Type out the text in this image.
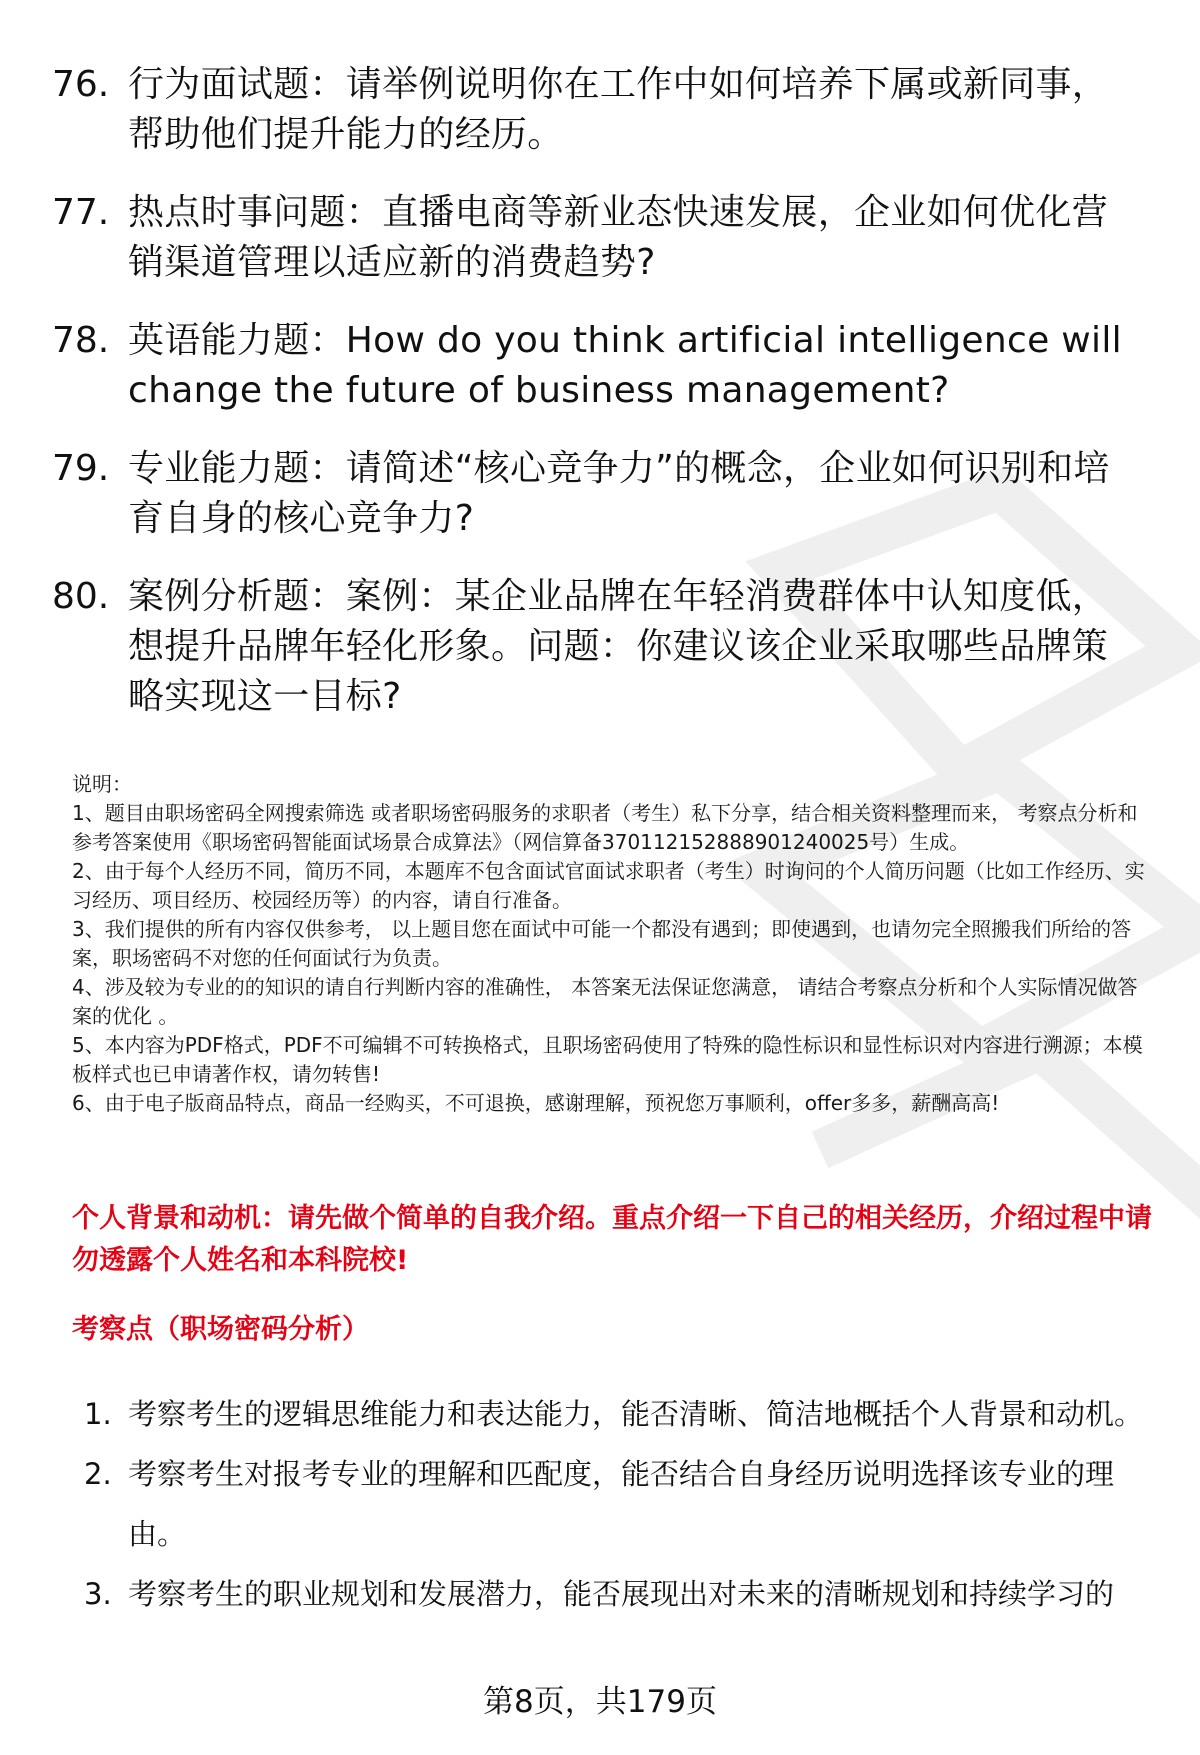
76. 行为面试题：请举例说明你在工作中如何培养下属或新同事，帮助他们提升能力的经历。
77. 热点时事问题：直播电商等新业态快速发展，企业如何优化营销渠道管理以适应新的消费趋势?
78. 英语能力题：How do you think artificial intelligence will change the future of business management?
79. 专业能力题：请简述“核心竞争力”的概念，企业如何识别和培育自身的核心竞争力?
80. 案例分析题：案例：某企业品牌在年轻消费群体中认知度低，想提升品牌年轻化形象。问题：你建议该企业采取哪些品牌策略实现这一目标?

说明：

1、题目由职场密码全网搜索筛选 或者职场密码服务的求职者（考生）私下分享，结合相关资料整理而来， 考察点分析和参考答案使用《职场密码智能面试场景合成算法》（网信算备370112152888901240025号）生成。

2、由于每个人经历不同，简历不同，本题库不包含面试官面试求职者（考生）时询问的个人简历问题（比如工作经历、实习经历、项目经历、校园经历等）的内容，请自行准备。

3、我们提供的所有内容仅供参考， 以上题目您在面试中可能一个都没有遇到；即使遇到，也请勿完全照搬我们所给的答案，职场密码不对您的任何面试行为负责。

4、涉及较为专业的的知识的请自行判断内容的准确性， 本答案无法保证您满意， 请结合考察点分析和个人实际情况做答案的优化 。

5、本内容为PDF格式，PDF不可编辑不可转换格式，且职场密码使用了特殊的隐性标识和显性标识对内容进行溯源；本模板样式也已申请著作权，请勿转售!

6、由于电子版商品特点，商品一经购买，不可退换，感谢理解，预祝您万事顺利，offer多多，薪酬高高!

个人背景和动机：请先做个简单的自我介绍。重点介绍一下自己的相关经历，介绍过程中请勿透露个人姓名和本科院校!
考察点（职场密码分析）
1. 考察考生的逻辑思维能力和表达能力，能否清晰、简洁地概括个人背景和动机。
2. 考察考生对报考专业的理解和匹配度，能否结合自身经历说明选择该专业的理由。
3. 考察考生的职业规划和发展潜力，能否展现出对未来的清晰规划和持续学习的
第8页，共179页
